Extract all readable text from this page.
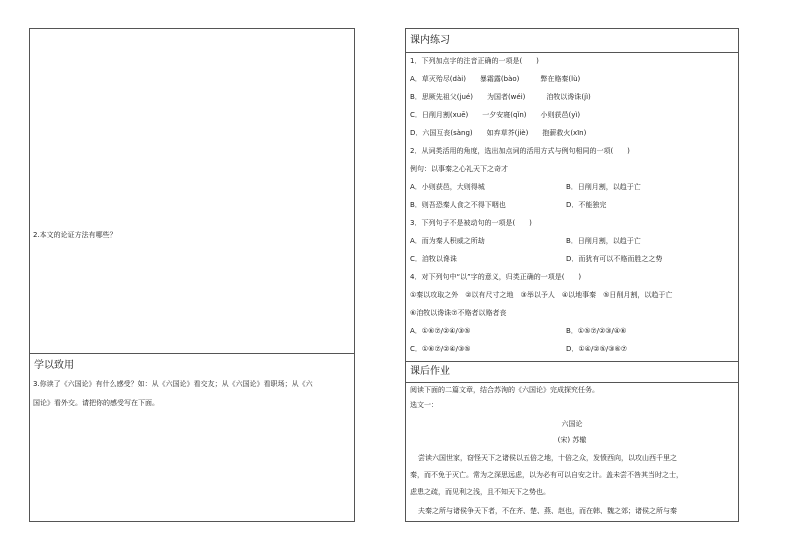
2.本文的论证方法有哪些？
学以致用
3.你读了《六国论》有什么感受？如：从《六国论》看交友；从《六国论》看职场；从《六
国论》看外交。请把你的感受写在下面。
课内练习
1．下列加点字的注音正确的一项是(　　)
A．草灭殆尽(dài)　　暴霜露(bào)　　　弊在赂秦(lù)
B．思厥先祖父(jué)　　为国者(wéi)　　　洎牧以谗诛(jì)
C．日削月割(xuē)　　一夕安寝(qǐn)　　小则获邑(yì)
D．六国互丧(sàng)　　如弃草芥(jiè)　　抱薪救火(xīn)
2．从词类活用的角度，选出加点词的活用方式与例句相同的一项(　　)
例句：以事秦之心礼天下之奇才
A．小则获邑，大则得城	B．日削月割，以趋于亡
B．则吾恐秦人食之不得下咽也	D．不能独完
3．下列句子不是被动句的一项是(　　)
A．而为秦人积威之所劫	B．日削月割，以趋于亡
C．洎牧以谗诛	D．而犹有可以不赂而胜之之势
4．对下列句中“以”字的意义，归类正确的一项是(　　)
①秦以攻取之外　②以有尺寸之地　③举以予人　④以地事秦　⑤日削月割，以趋于亡
⑥洎牧以谗诛⑦不赂者以赂者丧
A．①⑥⑦/②④/③⑤	B．①⑤⑦/②③/④⑥
C．①⑥⑦/②④/③⑤	D．①④/②⑤/③⑥⑦
课后作业
阅读下面的二篇文章，结合苏洵的《六国论》完成探究任务。
选文一：
六国论
(宋) 苏辙
尝读六国世家，窃怪天下之诸侯以五倍之地，十倍之众，发愤西向，以攻山西千里之
秦，而不免于灭亡。常为之深思远虑，以为必有可以自安之计。盖未尝不咎其当时之士，
虑患之疏，而见利之浅，且不知天下之势也。
夫秦之所与诸侯争天下者，不在齐、楚、燕、赵也，而在韩、魏之郊；诸侯之所与秦
